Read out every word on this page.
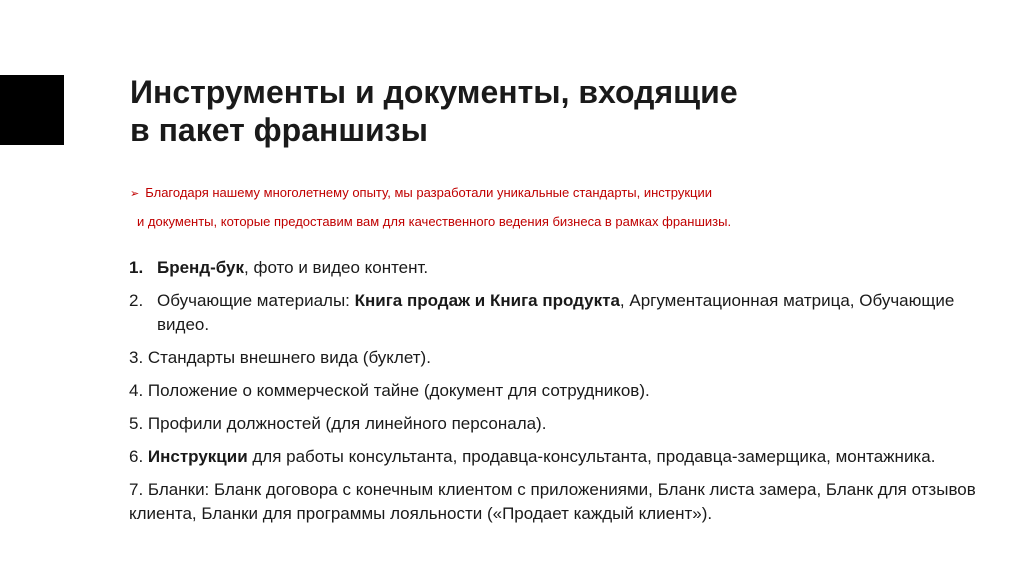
Инструменты и документы, входящие
в пакет франшизы
➢ Благодаря нашему многолетнему опыту, мы разработали уникальные стандарты, инструкции
и документы, которые предоставим вам для качественного ведения бизнеса в рамках франшизы.
1. Бренд-бук, фото и видео контент.
2. Обучающие материалы: Книга продаж и Книга продукта, Аргументационная матрица, Обучающие видео.
3. Стандарты внешнего вида (буклет).
4. Положение о коммерческой тайне (документ для сотрудников).
5. Профили должностей (для линейного персонала).
6. Инструкции для работы консультанта, продавца-консультанта, продавца-замерщика, монтажника.
7. Бланки: Бланк договора с конечным клиентом с приложениями, Бланк листа замера, Бланк для отзывов клиента, Бланки для программы лояльности («Продает каждый клиент»).
